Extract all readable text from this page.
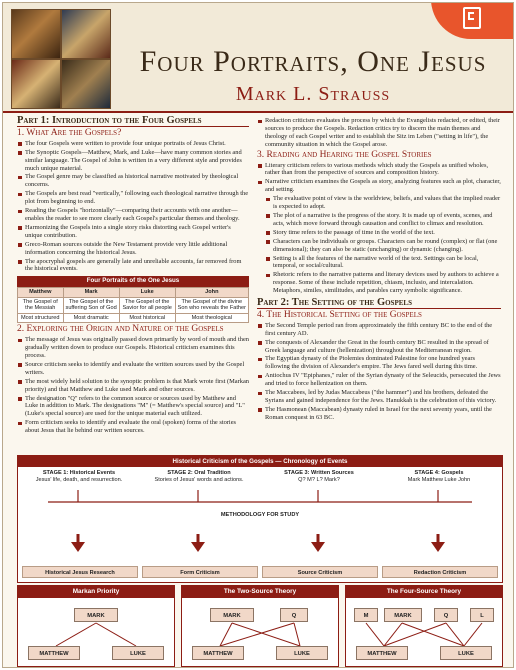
Four Portraits, One Jesus
Mark L. Strauss
Part 1: Introduction to the Four Gospels
1. What Are the Gospels?
The four Gospels were written to provide four unique portraits of Jesus Christ.
The Synoptic Gospels—Matthew, Mark, and Luke—have many common stories and similar language. The Gospel of John is written in a very different style and provides much unique material.
The Gospel genre may be classified as historical narrative motivated by theological concerns.
The Gospels are best read "vertically," following each theological narrative through the plot from beginning to end.
Reading the Gospels "horizontally"—comparing their accounts with one another—enables the reader to see more clearly each Gospel's particular themes and theology.
Harmonizing the Gospels into a single story risks distorting each Gospel writer's unique contribution.
Greco-Roman sources outside the New Testament provide very little additional information concerning the historical Jesus.
The apocryphal gospels are generally late and unreliable accounts, far removed from the historical events.
Four Portraits of the One Jesus
Matthew	Mark	Luke	John
The Gospel of the Messiah	The Gospel of the suffering Son of God	The Gospel of the Savior for all people	The Gospel of the divine Son who reveals the Father
Most structured	Most dramatic	Most historical	Most theological
2. Exploring the Origin and Nature of the Gospels
The message of Jesus was originally passed down primarily by word of mouth and then gradually written down to produce our Gospels. Historical criticism examines this process.
Source criticism seeks to identify and evaluate the written sources used by the Gospel writers.
The most widely held solution to the synoptic problem is that Mark wrote first (Markan priority) and that Matthew and Luke used Mark and other sources.
The designation "Q" refers to the common source or sources used by Matthew and Luke in addition to Mark. The designations "M" (= Matthew's special source) and "L" (Luke's special source) are used for the unique material each utilized.
Form criticism seeks to identify and evaluate the oral (spoken) forms of the stories about Jesus that lie behind our written sources.
Redaction criticism evaluates the process by which the Evangelists redacted, or edited, their sources to produce the Gospels. Redaction critics try to discern the main themes and theology of each Gospel writer and to establish the Sitz im Leben ("setting in life"), the community situation in which the Gospel arose.
3. Reading and Hearing the Gospel Stories
Literary criticism refers to various methods which study the Gospels as unified wholes, rather than from the perspective of sources and composition history.
Narrative criticism examines the Gospels as story, analyzing features such as plot, character, and setting.
The evaluative point of view is the worldview, beliefs, and values that the implied reader is expected to adopt.
The plot of a narrative is the progress of the story. It is made up of events, scenes, and acts, which move forward through causation and conflict to climax and resolution.
Story time refers to the passage of time in the world of the text.
Characters can be individuals or groups. Characters can be round (complex) or flat (one dimensional); they can also be static (unchanging) or dynamic (changing).
Setting is all the features of the narrative world of the text. Settings can be local, temporal, or social/cultural.
Rhetoric refers to the narrative patterns and literary devices used by authors to achieve a response. Some of these include repetition, chiasm, inclusio, and intercalation. Metaphors, similes, similitudes, and parables carry symbolic significance.
Part 2: The Setting of the Gospels
4. The Historical Setting of the Gospels
The Second Temple period ran from approximately the fifth century BC to the end of the first century AD.
The conquests of Alexander the Great in the fourth century BC resulted in the spread of Greek language and culture (hellenization) throughout the Mediterranean region.
The Egyptian dynasty of the Ptolemies dominated Palestine for one hundred years following the division of Alexander's empire. The Jews fared well during this time.
Antiochus IV "Epiphanes," ruler of the Syrian dynasty of the Seleucids, persecuted the Jews and tried to force hellenization on them.
The Maccabees, led by Judas Maccabeus ("the hammer") and his brothers, defeated the Syrians and gained independence for the Jews. Hanukkah is the celebration of this victory.
The Hasmonean (Maccabean) dynasty ruled in Israel for the next seventy years, until the Roman conquest in 63 BC.
Historical Criticism of the Gospels — Chronology of Events
STAGE 1: Historical Events
Jesus' life, death, and resurrection.
STAGE 2: Oral Tradition
Stories of Jesus' words and actions.
STAGE 3: Written Sources
Q? M? L? Mark?
STAGE 4: Gospels
Mark Matthew Luke John
METHODOLOGY FOR STUDY
Historical Jesus Research	Form Criticism	Source Criticism	Redaction Criticism
Markan Priority
MARK
MATTHEW	LUKE
The Two-Source Theory
MARK	Q
MATTHEW	LUKE
The Four-Source Theory
M	MARK	Q	L
MATTHEW	LUKE
